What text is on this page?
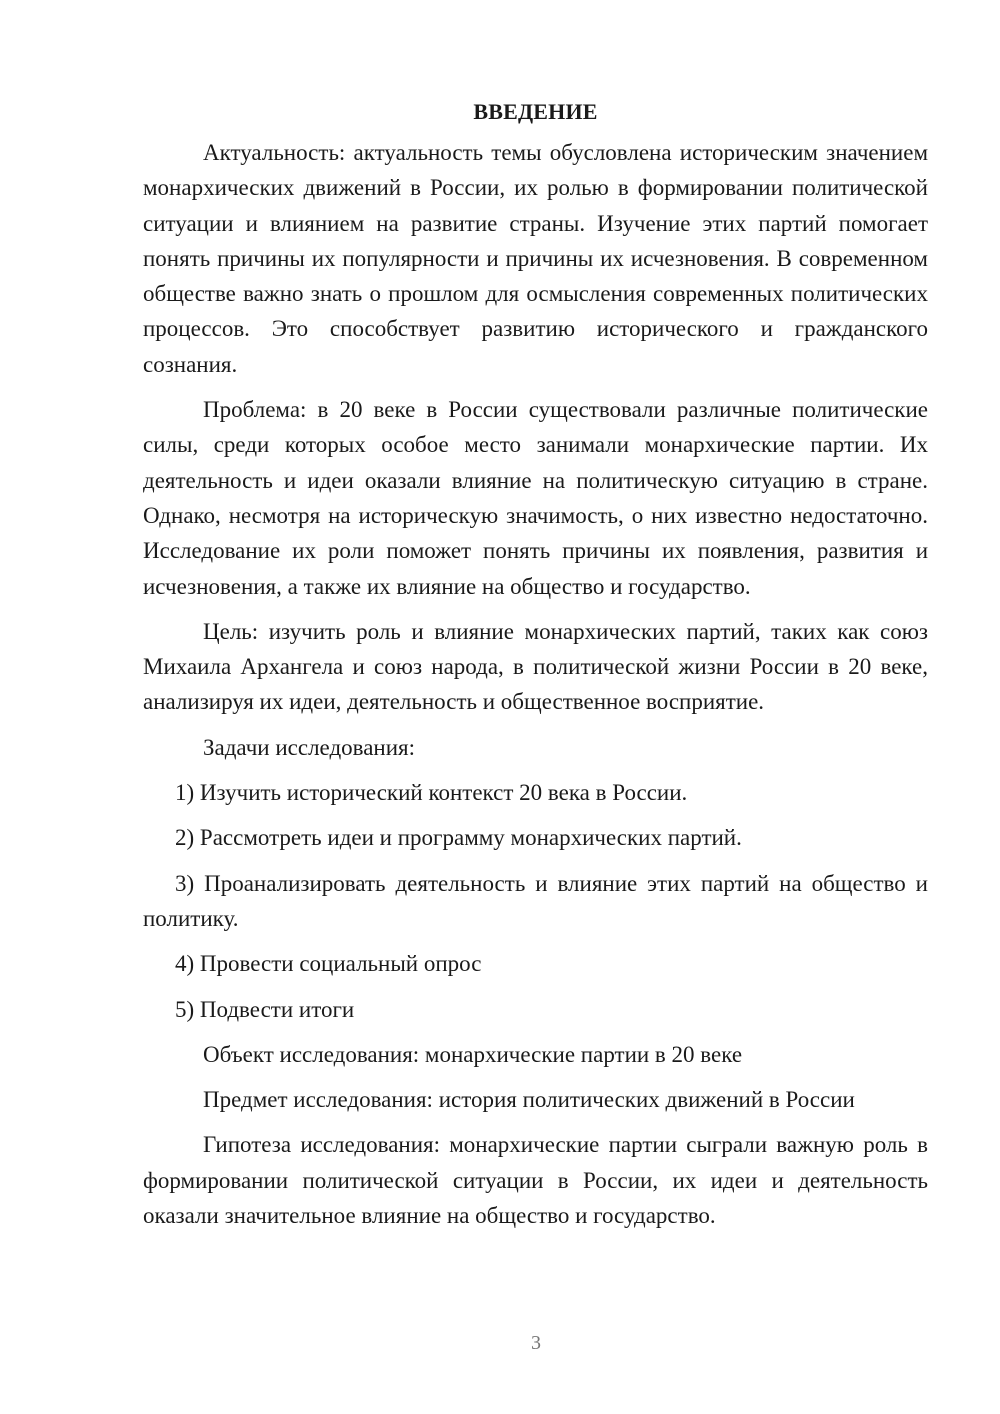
ВВЕДЕНИЕ

Актуальность: актуальность темы обусловлена историческим значением монархических движений в России, их ролью в формировании политической ситуации и влиянием на развитие страны. Изучение этих партий помогает понять причины их популярности и причины их исчезновения. В современном обществе важно знать о прошлом для осмысления современных политических процессов. Это способствует развитию исторического и гражданского сознания.

Проблема: в 20 веке в России существовали различные политические силы, среди которых особое место занимали монархические партии. Их деятельность и идеи оказали влияние на политическую ситуацию в стране. Однако, несмотря на историческую значимость, о них известно недостаточно. Исследование их роли поможет понять причины их появления, развития и исчезновения, а также их влияние на общество и государство.

Цель: изучить роль и влияние монархических партий, таких как союз Михаила Архангела и союз народа, в политической жизни России в 20 веке, анализируя их идеи, деятельность и общественное восприятие.

Задачи исследования:

1) Изучить исторический контекст 20 века в России.

2) Рассмотреть идеи и программу монархических партий.

3) Проанализировать деятельность и влияние этих партий на общество и политику.

4) Провести социальный опрос

5) Подвести итоги

Объект исследования: монархические партии в 20 веке

Предмет исследования: история политических движений в России

Гипотеза исследования: монархические партии сыграли важную роль в формировании политической ситуации в России, их идеи и деятельность оказали значительное влияние на общество и государство.

3
